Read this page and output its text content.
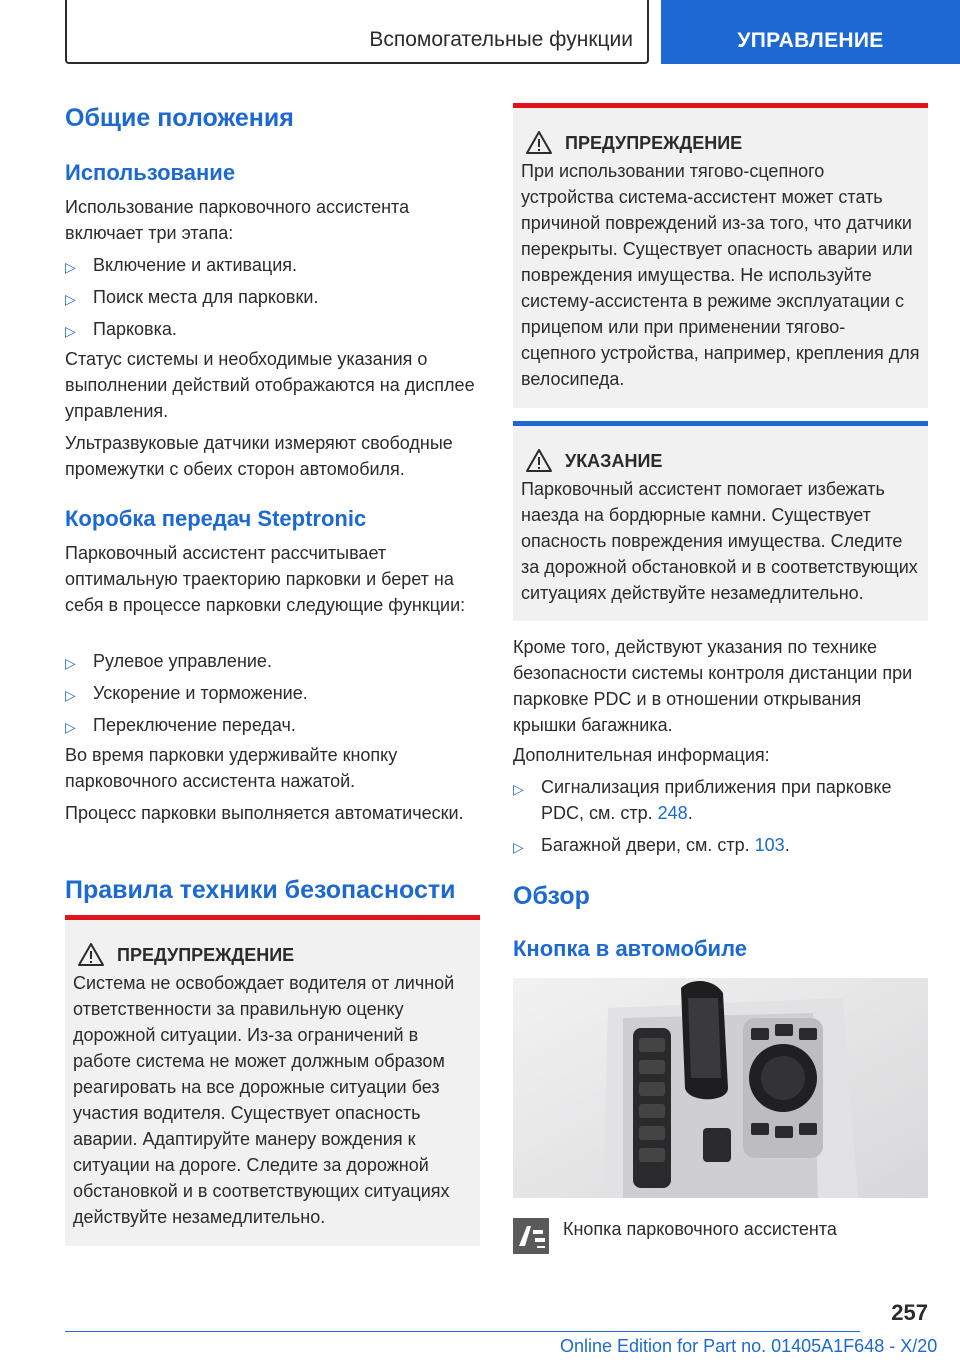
Вспомогательные функции	УПРАВЛЕНИЕ
Общие положения
Использование
Использование парковочного ассистента включает три этапа:
▷ Включение и активация.
▷ Поиск места для парковки.
▷ Парковка.
Статус системы и необходимые указания о выполнении действий отображаются на дисплее управления.
Ультразвуковые датчики измеряют свободные промежутки с обеих сторон автомобиля.
Коробка передач Steptronic
Парковочный ассистент рассчитывает оптимальную траекторию парковки и берет на себя в процессе парковки следующие функции:
▷ Рулевое управление.
▷ Ускорение и торможение.
▷ Переключение передач.
Во время парковки удерживайте кнопку парковочного ассистента нажатой.
Процесс парковки выполняется автоматически.
Правила техники безопасности
ПРЕДУПРЕЖДЕНИЕ
Система не освобождает водителя от личной ответственности за правильную оценку дорожной ситуации. Из-за ограничений в работе система не может должным образом реагировать на все дорожные ситуации без участия водителя. Существует опасность аварии. Адаптируйте манеру вождения к ситуации на дороге. Следите за дорожной обстановкой и в соответствующих ситуациях действуйте незамедлительно.
ПРЕДУПРЕЖДЕНИЕ
При использовании тягово-сцепного устройства система-ассистент может стать причиной повреждений из-за того, что датчики перекрыты. Существует опасность аварии или повреждения имущества. Не используйте систему-ассистента в режиме эксплуатации с прицепом или при применении тягово-сцепного устройства, например, крепления для велосипеда.
УКАЗАНИЕ
Парковочный ассистент помогает избежать наезда на бордюрные камни. Существует опасность повреждения имущества. Следите за дорожной обстановкой и в соответствующих ситуациях действуйте незамедлительно.
Кроме того, действуют указания по технике безопасности системы контроля дистанции при парковке PDC и в отношении открывания крышки багажника.
Дополнительная информация:
▷ Сигнализация приближения при парковке PDC, см. стр. 248.
▷ Багажной двери, см. стр. 103.
Обзор
Кнопка в автомобиле
Кнопка парковочного ассистента
257
Online Edition for Part no. 01405A1F648 - X/20
